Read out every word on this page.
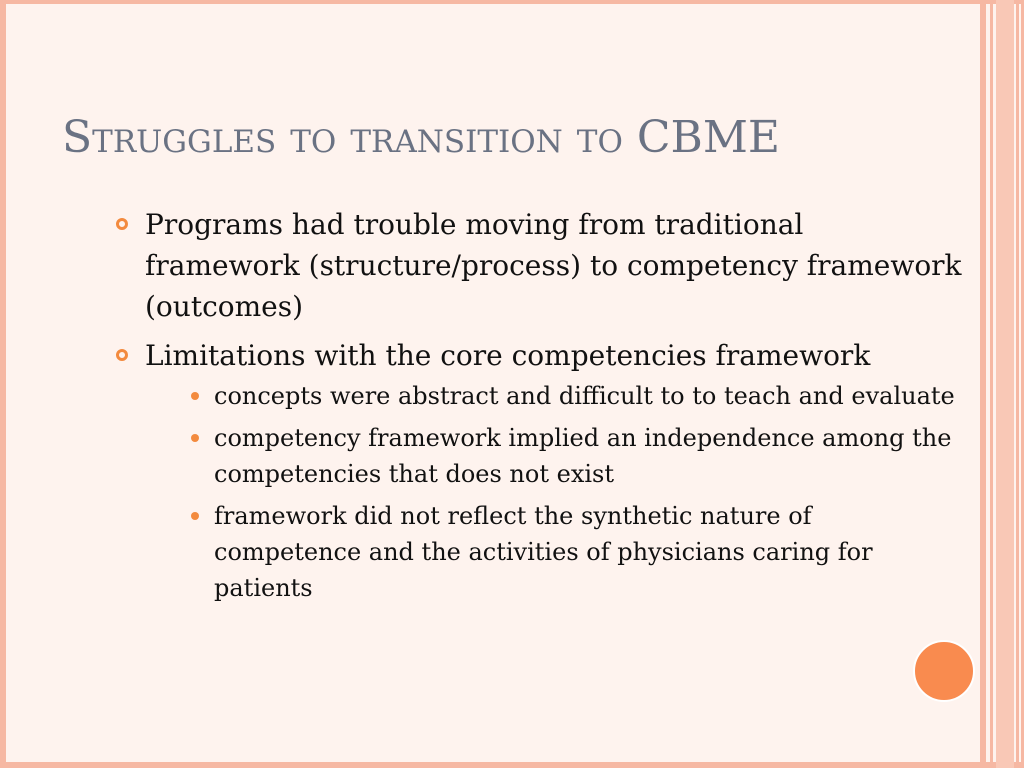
Struggles to transition to CBME
Programs had trouble moving from traditional framework (structure/process) to competency framework (outcomes)
Limitations with the core competencies framework
concepts were abstract and difficult to to teach and evaluate
competency framework implied an independence among the competencies that does not exist
framework did not reflect the synthetic nature of competence and the activities of physicians caring for patients
